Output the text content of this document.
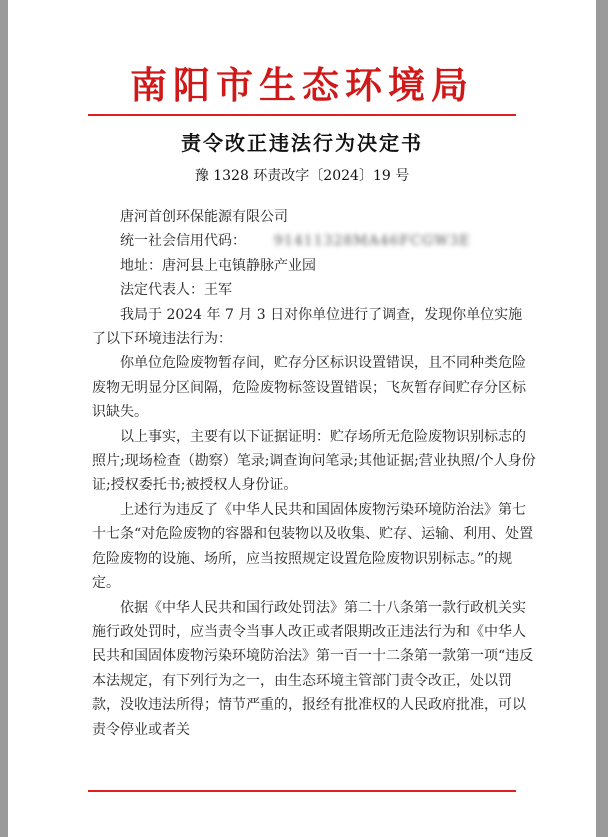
南阳市生态环境局
责令改正违法行为决定书
豫 1328 环责改字〔2024〕19 号

唐河首创环保能源有限公司

统一社会信用代码： 91411328MA46FCGW3E

地址：唐河县上屯镇静脉产业园

法定代表人：王军

我局于 2024 年 7 月 3 日对你单位进行了调查，发现你单位实施了以下环境违法行为：

你单位危险废物暂存间，贮存分区标识设置错误，且不同种类危险废物无明显分区间隔，危险废物标签设置错误；飞灰暂存间贮存分区标识缺失。

以上事实，主要有以下证据证明：贮存场所无危险废物识别标志的照片;现场检查（勘察）笔录;调查询问笔录;其他证据;营业执照/个人身份证;授权委托书;被授权人身份证。

上述行为违反了《中华人民共和国固体废物污染环境防治法》第七十七条“对危险废物的容器和包装物以及收集、贮存、运输、利用、处置危险废物的设施、场所，应当按照规定设置危险废物识别标志。”的规定。

依据《中华人民共和国行政处罚法》第二十八条第一款行政机关实施行政处罚时，应当责令当事人改正或者限期改正违法行为和《中华人民共和国固体废物污染环境防治法》第一百一十二条第一款第一项“违反本法规定，有下列行为之一，由生态环境主管部门责令改正，处以罚款，没收违法所得；情节严重的，报经有批准权的人民政府批准，可以责令停业或者关
